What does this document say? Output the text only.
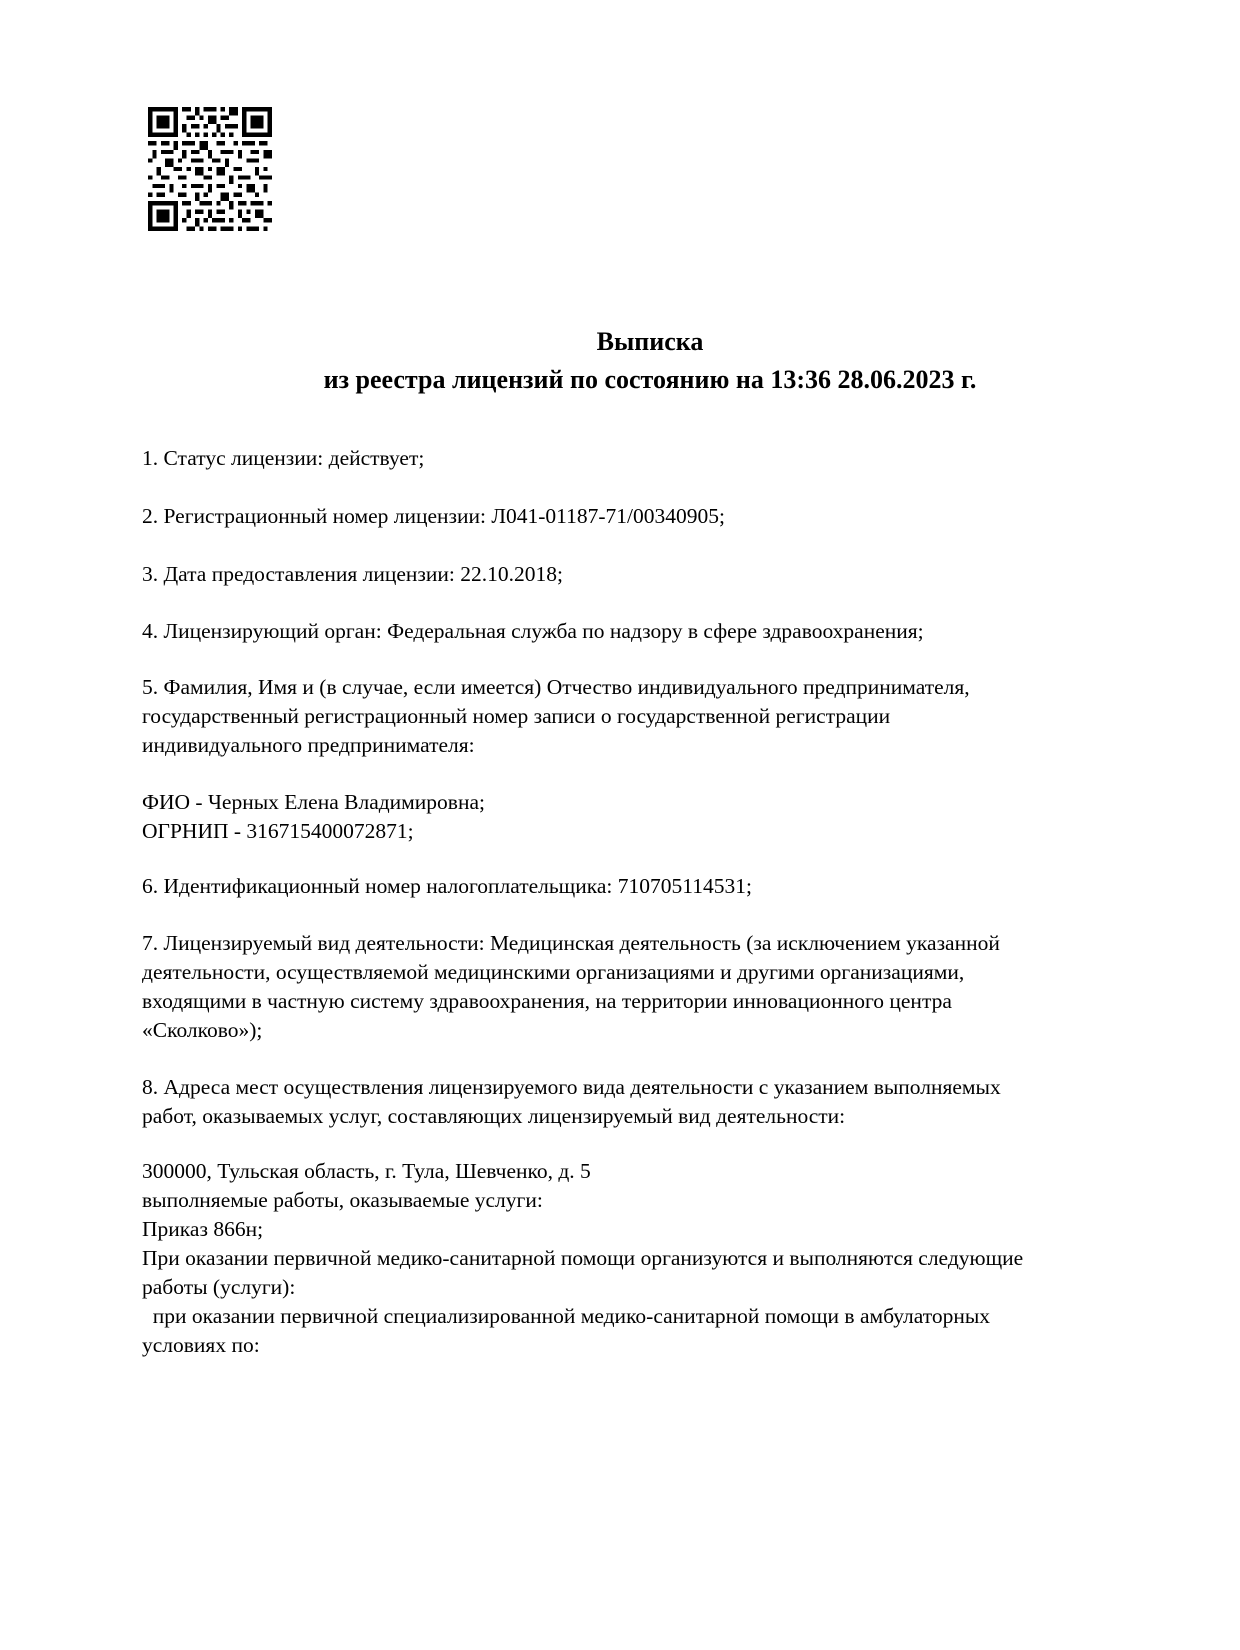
Выписка
из реестра лицензий по состоянию на 13:36 28.06.2023 г.
1. Статус лицензии: действует;
2. Регистрационный номер лицензии: Л041-01187-71/00340905;
3. Дата предоставления лицензии: 22.10.2018;
4. Лицензирующий орган: Федеральная служба по надзору в сфере здравоохранения;
5. Фамилия, Имя и (в случае, если имеется) Отчество индивидуального предпринимателя,
государственный регистрационный номер записи о государственной регистрации
индивидуального предпринимателя:
ФИО - Черных Елена Владимировна;
ОГРНИП - 316715400072871;
6. Идентификационный номер налогоплательщика: 710705114531;
7. Лицензируемый вид деятельности: Медицинская деятельность (за исключением указанной
деятельности, осуществляемой медицинскими организациями и другими организациями,
входящими в частную систему здравоохранения, на территории инновационного центра
«Сколково»);
8. Адреса мест осуществления лицензируемого вида деятельности с указанием выполняемых
работ, оказываемых услуг, составляющих лицензируемый вид деятельности:
300000, Тульская область, г. Тула, Шевченко, д. 5
выполняемые работы, оказываемые услуги:
Приказ 866н;
При оказании первичной медико-санитарной помощи организуются и выполняются следующие
работы (услуги):
при оказании первичной специализированной медико-санитарной помощи в амбулаторных
условиях по:
